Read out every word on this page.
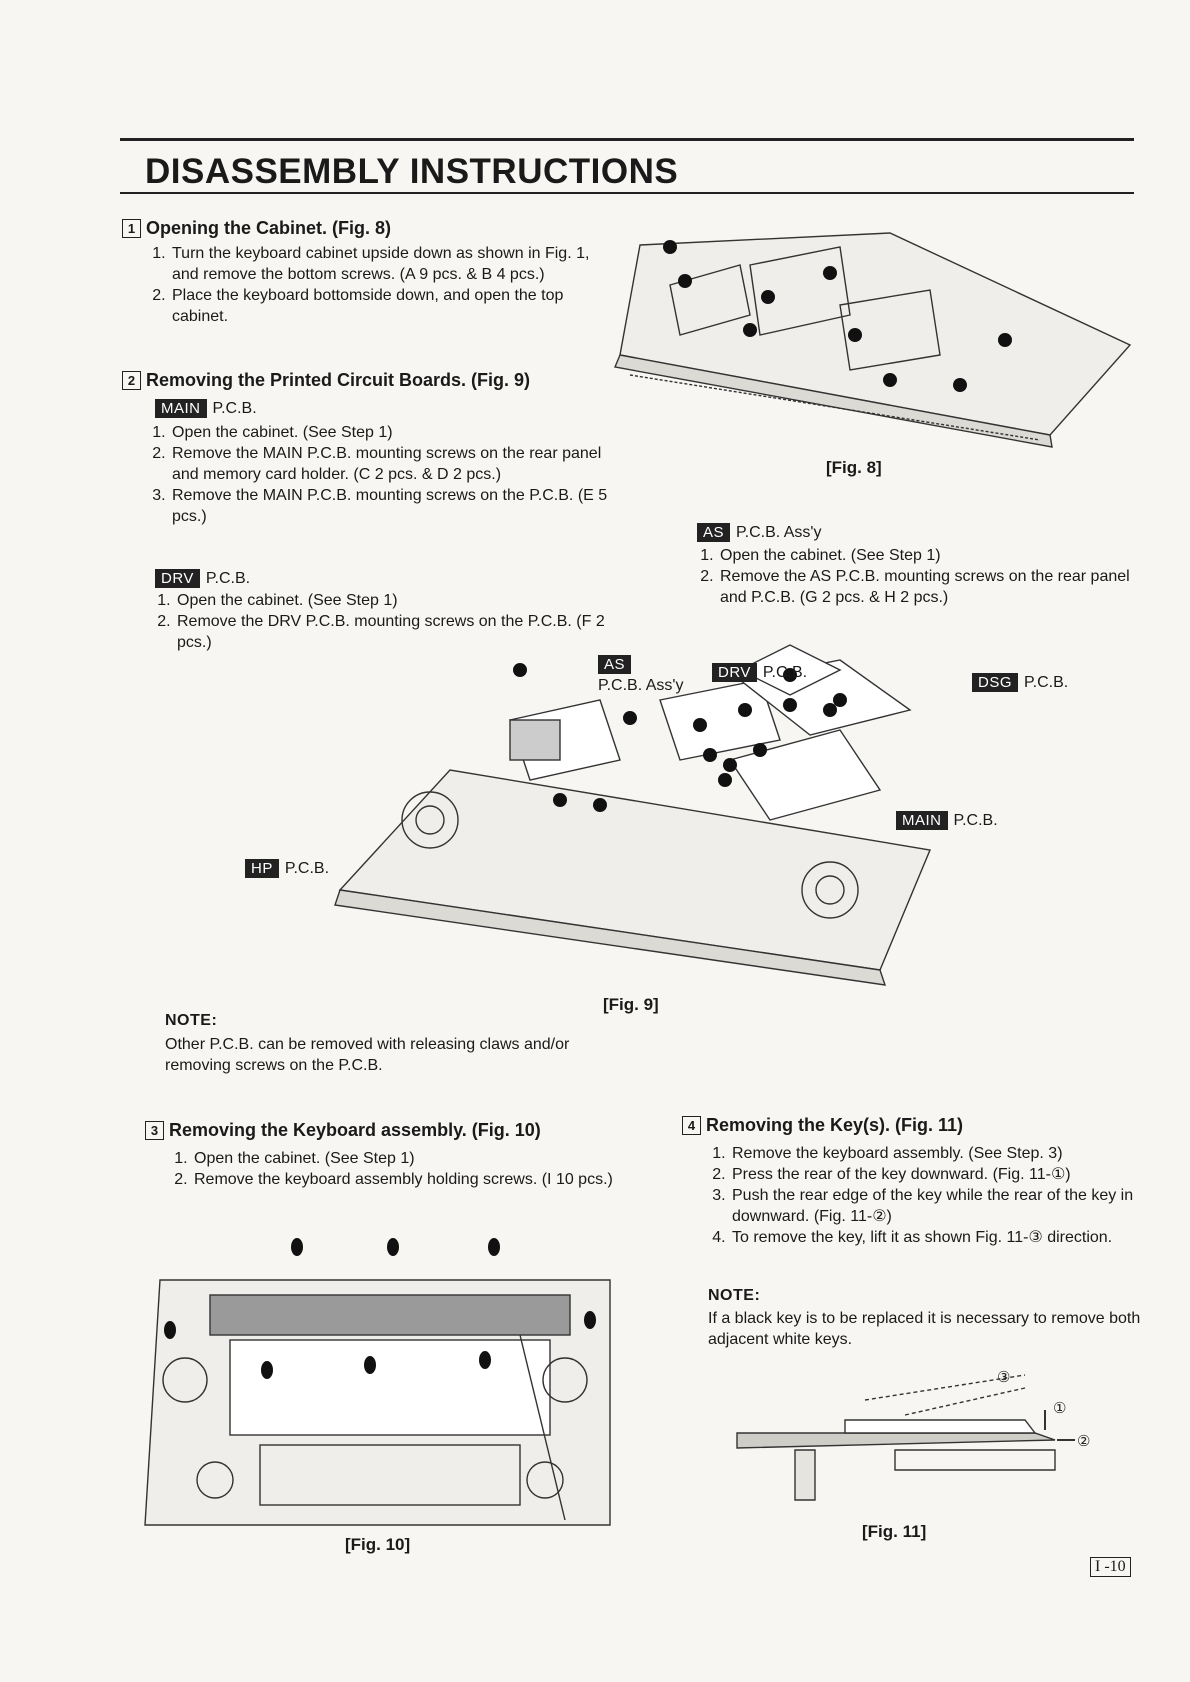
DISASSEMBLY INSTRUCTIONS
1 Opening the Cabinet. (Fig. 8)
1. Turn the keyboard cabinet upside down as shown in Fig. 1, and remove the bottom screws. (A 9 pcs. & B 4 pcs.)
2. Place the keyboard bottomside down, and open the top cabinet.
[Fig. 8]
2 Removing the Printed Circuit Boards. (Fig. 9)
MAIN P.C.B.
1. Open the cabinet. (See Step 1)
2. Remove the MAIN P.C.B. mounting screws on the rear panel and memory card holder. (C 2 pcs. & D 2 pcs.)
3. Remove the MAIN P.C.B. mounting screws on the P.C.B. (E 5 pcs.)
DRV P.C.B.
1. Open the cabinet. (See Step 1)
2. Remove the DRV P.C.B. mounting screws on the P.C.B. (F 2 pcs.)
AS P.C.B. Ass'y
1. Open the cabinet. (See Step 1)
2. Remove the AS P.C.B. mounting screws on the rear panel and P.C.B. (G 2 pcs. & H 2 pcs.)
AS
P.C.B. Ass'y
DRV P.C.B.
DSG P.C.B.
MAIN P.C.B.
HP P.C.B.
[Fig. 9]
NOTE:
Other P.C.B. can be removed with releasing claws and/or removing screws on the P.C.B.
3 Removing the Keyboard assembly. (Fig. 10)
1. Open the cabinet. (See Step 1)
2. Remove the keyboard assembly holding screws. (I 10 pcs.)
[Fig. 10]
4 Removing the Key(s). (Fig. 11)
1. Remove the keyboard assembly. (See Step. 3)
2. Press the rear of the key downward. (Fig. 11-①)
3. Push the rear edge of the key while the rear of the key in downward. (Fig. 11-②)
4. To remove the key, lift it as shown Fig. 11-③ direction.
NOTE:
If a black key is to be replaced it is necessary to remove both adjacent white keys.
③
①
②
[Fig. 11]
I -10
